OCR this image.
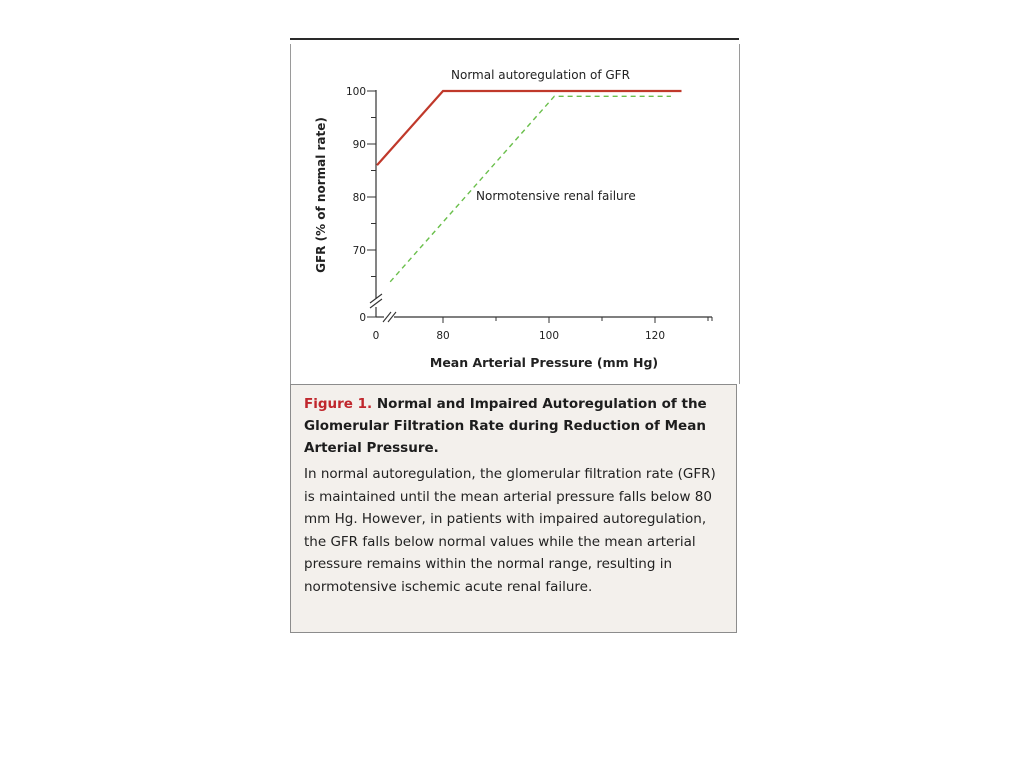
0
70
80
90
100
0	80	100	120
Mean Arterial Pressure (mm Hg)
GFR (% of normal rate)
Normal autoregulation of GFR
Normotensive renal failure

Figure 1. Normal and Impaired Autoregulation of the Glomerular Filtration Rate during Reduction of Mean Arterial Pressure.

In normal autoregulation, the glomerular filtration rate (GFR) is maintained until the mean arterial pressure falls below 80 mm Hg. However, in patients with impaired autoregulation, the GFR falls below normal values while the mean arterial pressure remains within the normal range, resulting in normotensive ischemic acute renal failure.
